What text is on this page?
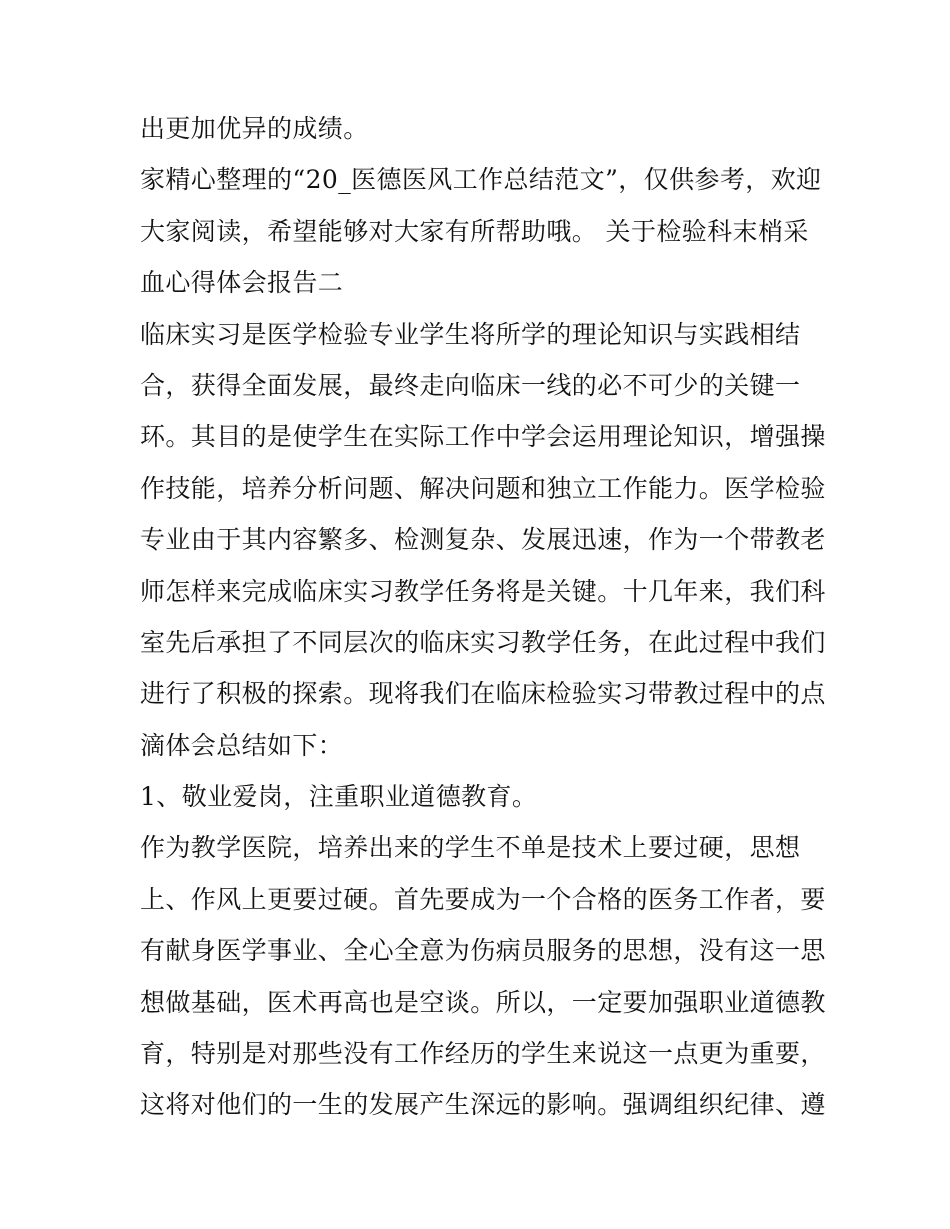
出更加优异的成绩。
家精心整理的“20_医德医风工作总结范文”，仅供参考，欢迎
大家阅读，希望能够对大家有所帮助哦。 关于检验科末梢采
血心得体会报告二
临床实习是医学检验专业学生将所学的理论知识与实践相结
合，获得全面发展，最终走向临床一线的必不可少的关键一
环。其目的是使学生在实际工作中学会运用理论知识，增强操
作技能，培养分析问题、解决问题和独立工作能力。医学检验
专业由于其内容繁多、检测复杂、发展迅速，作为一个带教老
师怎样来完成临床实习教学任务将是关键。十几年来，我们科
室先后承担了不同层次的临床实习教学任务，在此过程中我们
进行了积极的探索。现将我们在临床检验实习带教过程中的点
滴体会总结如下：
1、敬业爱岗，注重职业道德教育。
作为教学医院，培养出来的学生不单是技术上要过硬，思想
上、作风上更要过硬。首先要成为一个合格的医务工作者，要
有献身医学事业、全心全意为伤病员服务的思想，没有这一思
想做基础，医术再高也是空谈。所以，一定要加强职业道德教
育，特别是对那些没有工作经历的学生来说这一点更为重要，
这将对他们的一生的发展产生深远的影响。强调组织纪律、遵
